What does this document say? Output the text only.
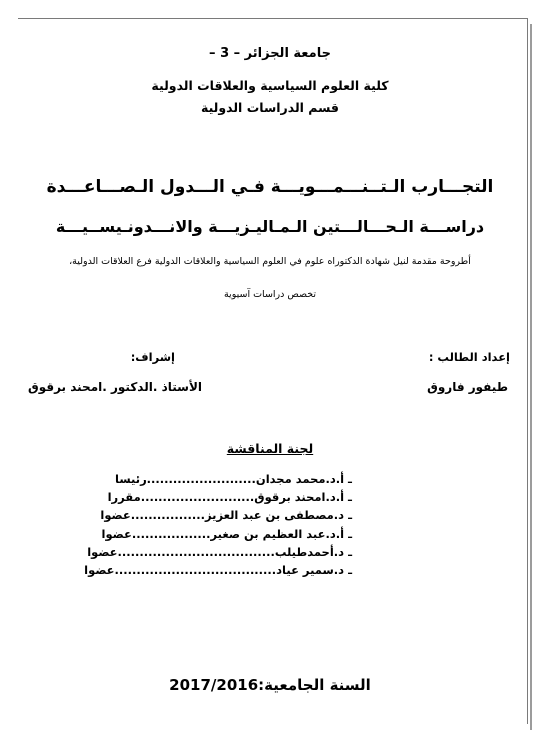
جامعة الجزائر – 3 –
كلية العلوم السياسية والعلاقات الدولية
قسم الدراسات الدولية
التجـــارب الـتــنـــمـــويـــة فـي الـــدول الـصـــاعـــدة
دراســـة الـحـــالـــتين الـمـاليـزيـــة والانـــدونـيســيـــة
أطروحة مقدمة لنيل شهادة الدكتوراه علوم في العلوم السياسية والعلاقات الدولية فرع العلاقات الدولية،
تخصص دراسات آسيوية
إعداد الطالب :
إشراف:
طيفور فاروق
الأستاذ .الدكتور .امحند برقوق
لجنة المناقشة
ـ أ.د.محمد مجدان.........................رئيسا
ـ أ.د.امحند برقوق..........................مقررا
ـ د.مصطفى بن عبد العزيز.................عضوا
ـ أ.د.عبد العظيم بن صغير..................عضوا
ـ د.أحمدطيلب....................................عضوا
ـ د.سمير عياد.....................................عضوا
السنة الجامعية:2017/2016
